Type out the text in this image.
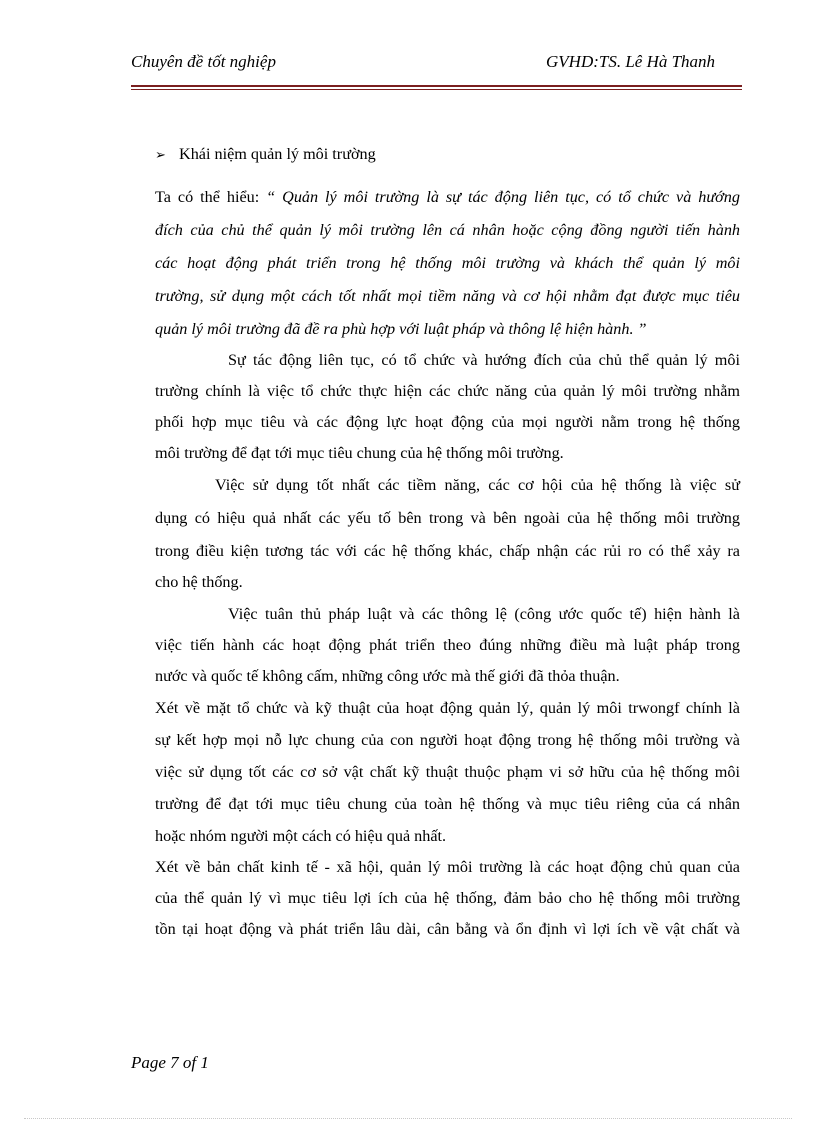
Chuyên đề tốt nghiệp	GVHD:TS. Lê Hà Thanh
➢ Khái niệm quản lý môi trường
Ta có thể hiểu: “ Quản lý môi trường là sự tác động liên tục, có tổ chức và hướng
đích của chủ thể quản lý môi trường lên cá nhân hoặc cộng đồng người tiến hành
các hoạt động phát triển trong hệ thống môi trường và khách thể quản lý môi
trường, sử dụng một cách tốt nhất mọi tiềm năng và cơ hội nhằm đạt được mục tiêu
quản lý môi trường đã đề ra phù hợp với luật pháp và thông lệ hiện hành. ”
Sự tác động liên tục, có tổ chức và hướng đích của chủ thể quản lý môi
trường chính là việc tổ chức thực hiện các chức năng của quản lý môi trường nhằm
phối hợp mục tiêu và các động lực hoạt động của mọi người nằm trong hệ thống
môi trường để đạt tới mục tiêu chung của hệ thống môi trường.
Việc sử dụng tốt nhất các tiềm năng, các cơ hội của hệ thống là việc sử
dụng có hiệu quả nhất các yếu tố bên trong và bên ngoài của hệ thống môi trường
trong điều kiện tương tác với các hệ thống khác, chấp nhận các rủi ro có thể xảy ra
cho hệ thống.
Việc tuân thủ pháp luật và các thông lệ (công ước quốc tế) hiện hành là
việc tiến hành các hoạt động phát triển theo đúng những điều mà luật pháp trong
nước và quốc tế không cấm, những công ước mà thế giới đã thỏa thuận.
Xét về mặt tổ chức và kỹ thuật của hoạt động quản lý, quản lý môi trwongf chính là
sự kết hợp mọi nỗ lực chung của con người hoạt động trong hệ thống môi trường và
việc sử dụng tốt các cơ sở vật chất kỹ thuật thuộc phạm vi sở hữu của hệ thống môi
trường để đạt tới mục tiêu chung của toàn hệ thống và mục tiêu riêng của cá nhân
hoặc nhóm người một cách có hiệu quả nhất.
Xét về bản chất kinh tế - xã hội, quản lý môi trường là các hoạt động chủ quan của
của thể quản lý vì mục tiêu lợi ích của hệ thống, đảm bảo cho hệ thống môi trường
tồn tại hoạt động và phát triển lâu dài, cân bằng và ổn định vì lợi ích về vật chất và
Page 7 of 1
